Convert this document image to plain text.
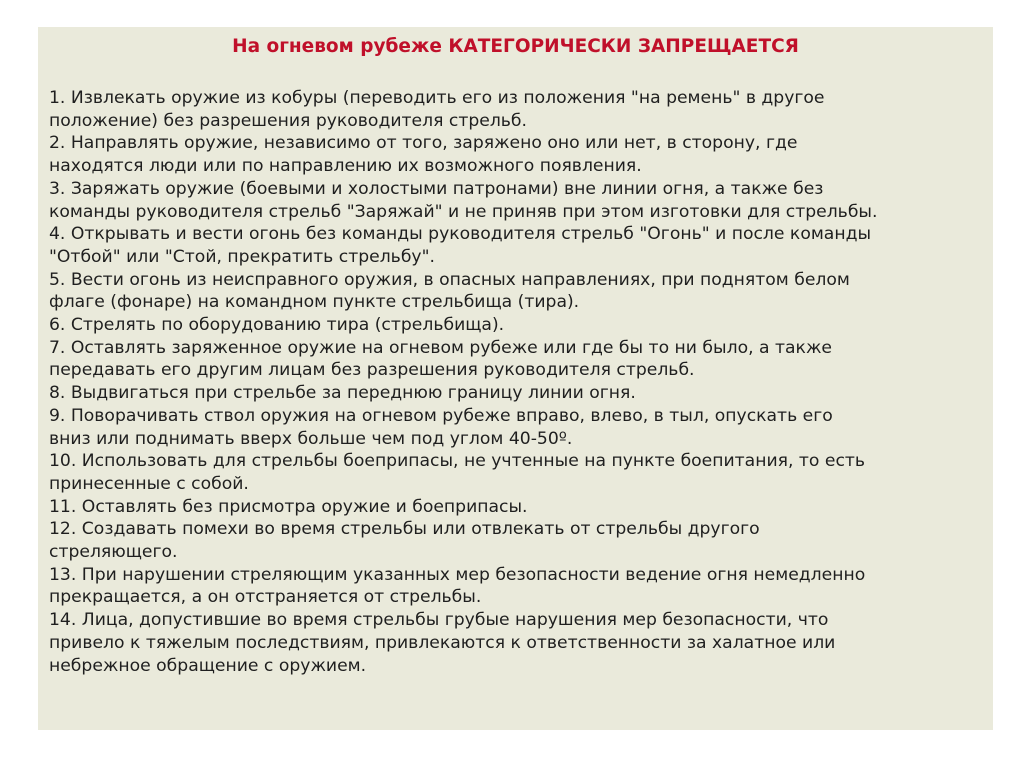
На огневом рубеже КАТЕГОРИЧЕСКИ ЗАПРЕЩАЕТСЯ
1. Извлекать оружие из кобуры (переводить его из положения "на ремень" в другое
положение) без разрешения руководителя стрельб.
2. Направлять оружие, независимо от того, заряжено оно или нет, в сторону, где
находятся люди или по направлению их возможного появления.
3. Заряжать оружие (боевыми и холостыми патронами) вне линии огня, а также без
команды руководителя стрельб "Заряжай" и не приняв при этом изготовки для стрельбы.
4. Открывать и вести огонь без команды руководителя стрельб "Огонь" и после команды
"Отбой" или "Стой, прекратить стрельбу".
5. Вести огонь из неисправного оружия, в опасных направлениях, при поднятом белом
флаге (фонаре) на командном пункте стрельбища (тира).
6. Стрелять по оборудованию тира (стрельбища).
7. Оставлять заряженное оружие на огневом рубеже или где бы то ни было, а также
передавать его другим лицам без разрешения руководителя стрельб.
8. Выдвигаться при стрельбе за переднюю границу линии огня.
9. Поворачивать ствол оружия на огневом рубеже вправо, влево, в тыл, опускать его
вниз или поднимать вверх больше чем под углом 40-50º.
10. Использовать для стрельбы боеприпасы, не учтенные на пункте боепитания, то есть
принесенные с собой.
11. Оставлять без присмотра оружие и боеприпасы.
12. Создавать помехи во время стрельбы или отвлекать от стрельбы другого
стреляющего.
13. При нарушении стреляющим указанных мер безопасности ведение огня немедленно
прекращается, а он отстраняется от стрельбы.
14. Лица, допустившие во время стрельбы грубые нарушения мер безопасности, что
привело к тяжелым последствиям, привлекаются к ответственности за халатное или
небрежное обращение с оружием.
